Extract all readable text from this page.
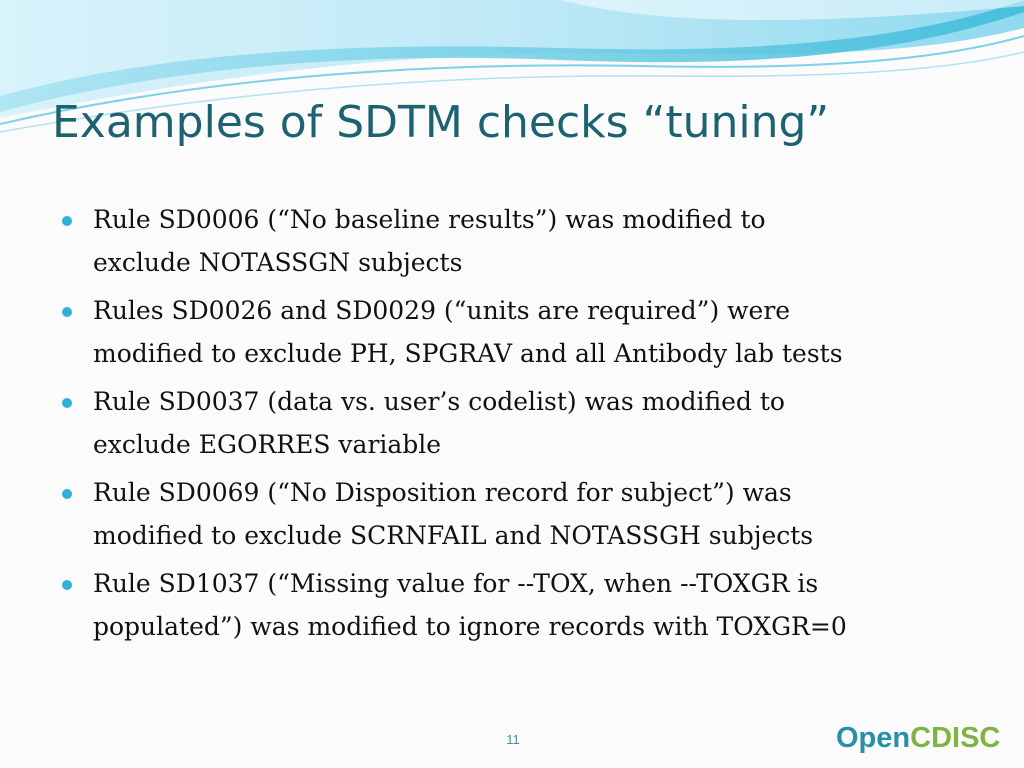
Examples of SDTM checks “tuning”
Rule SD0006 (“No baseline results”) was modified to
exclude NOTASSGN subjects
Rules SD0026 and SD0029 (“units are required”) were
modified to exclude PH, SPGRAV and all Antibody lab tests
Rule SD0037 (data vs. user’s codelist) was modified to
exclude EGORRES variable
Rule SD0069 (“No Disposition record for subject”) was
modified to exclude SCRNFAIL and NOTASSGH subjects
Rule SD1037 (“Missing value for --TOX, when --TOXGR is
populated”) was modified to ignore records with TOXGR=0
11	OpenCDISC
